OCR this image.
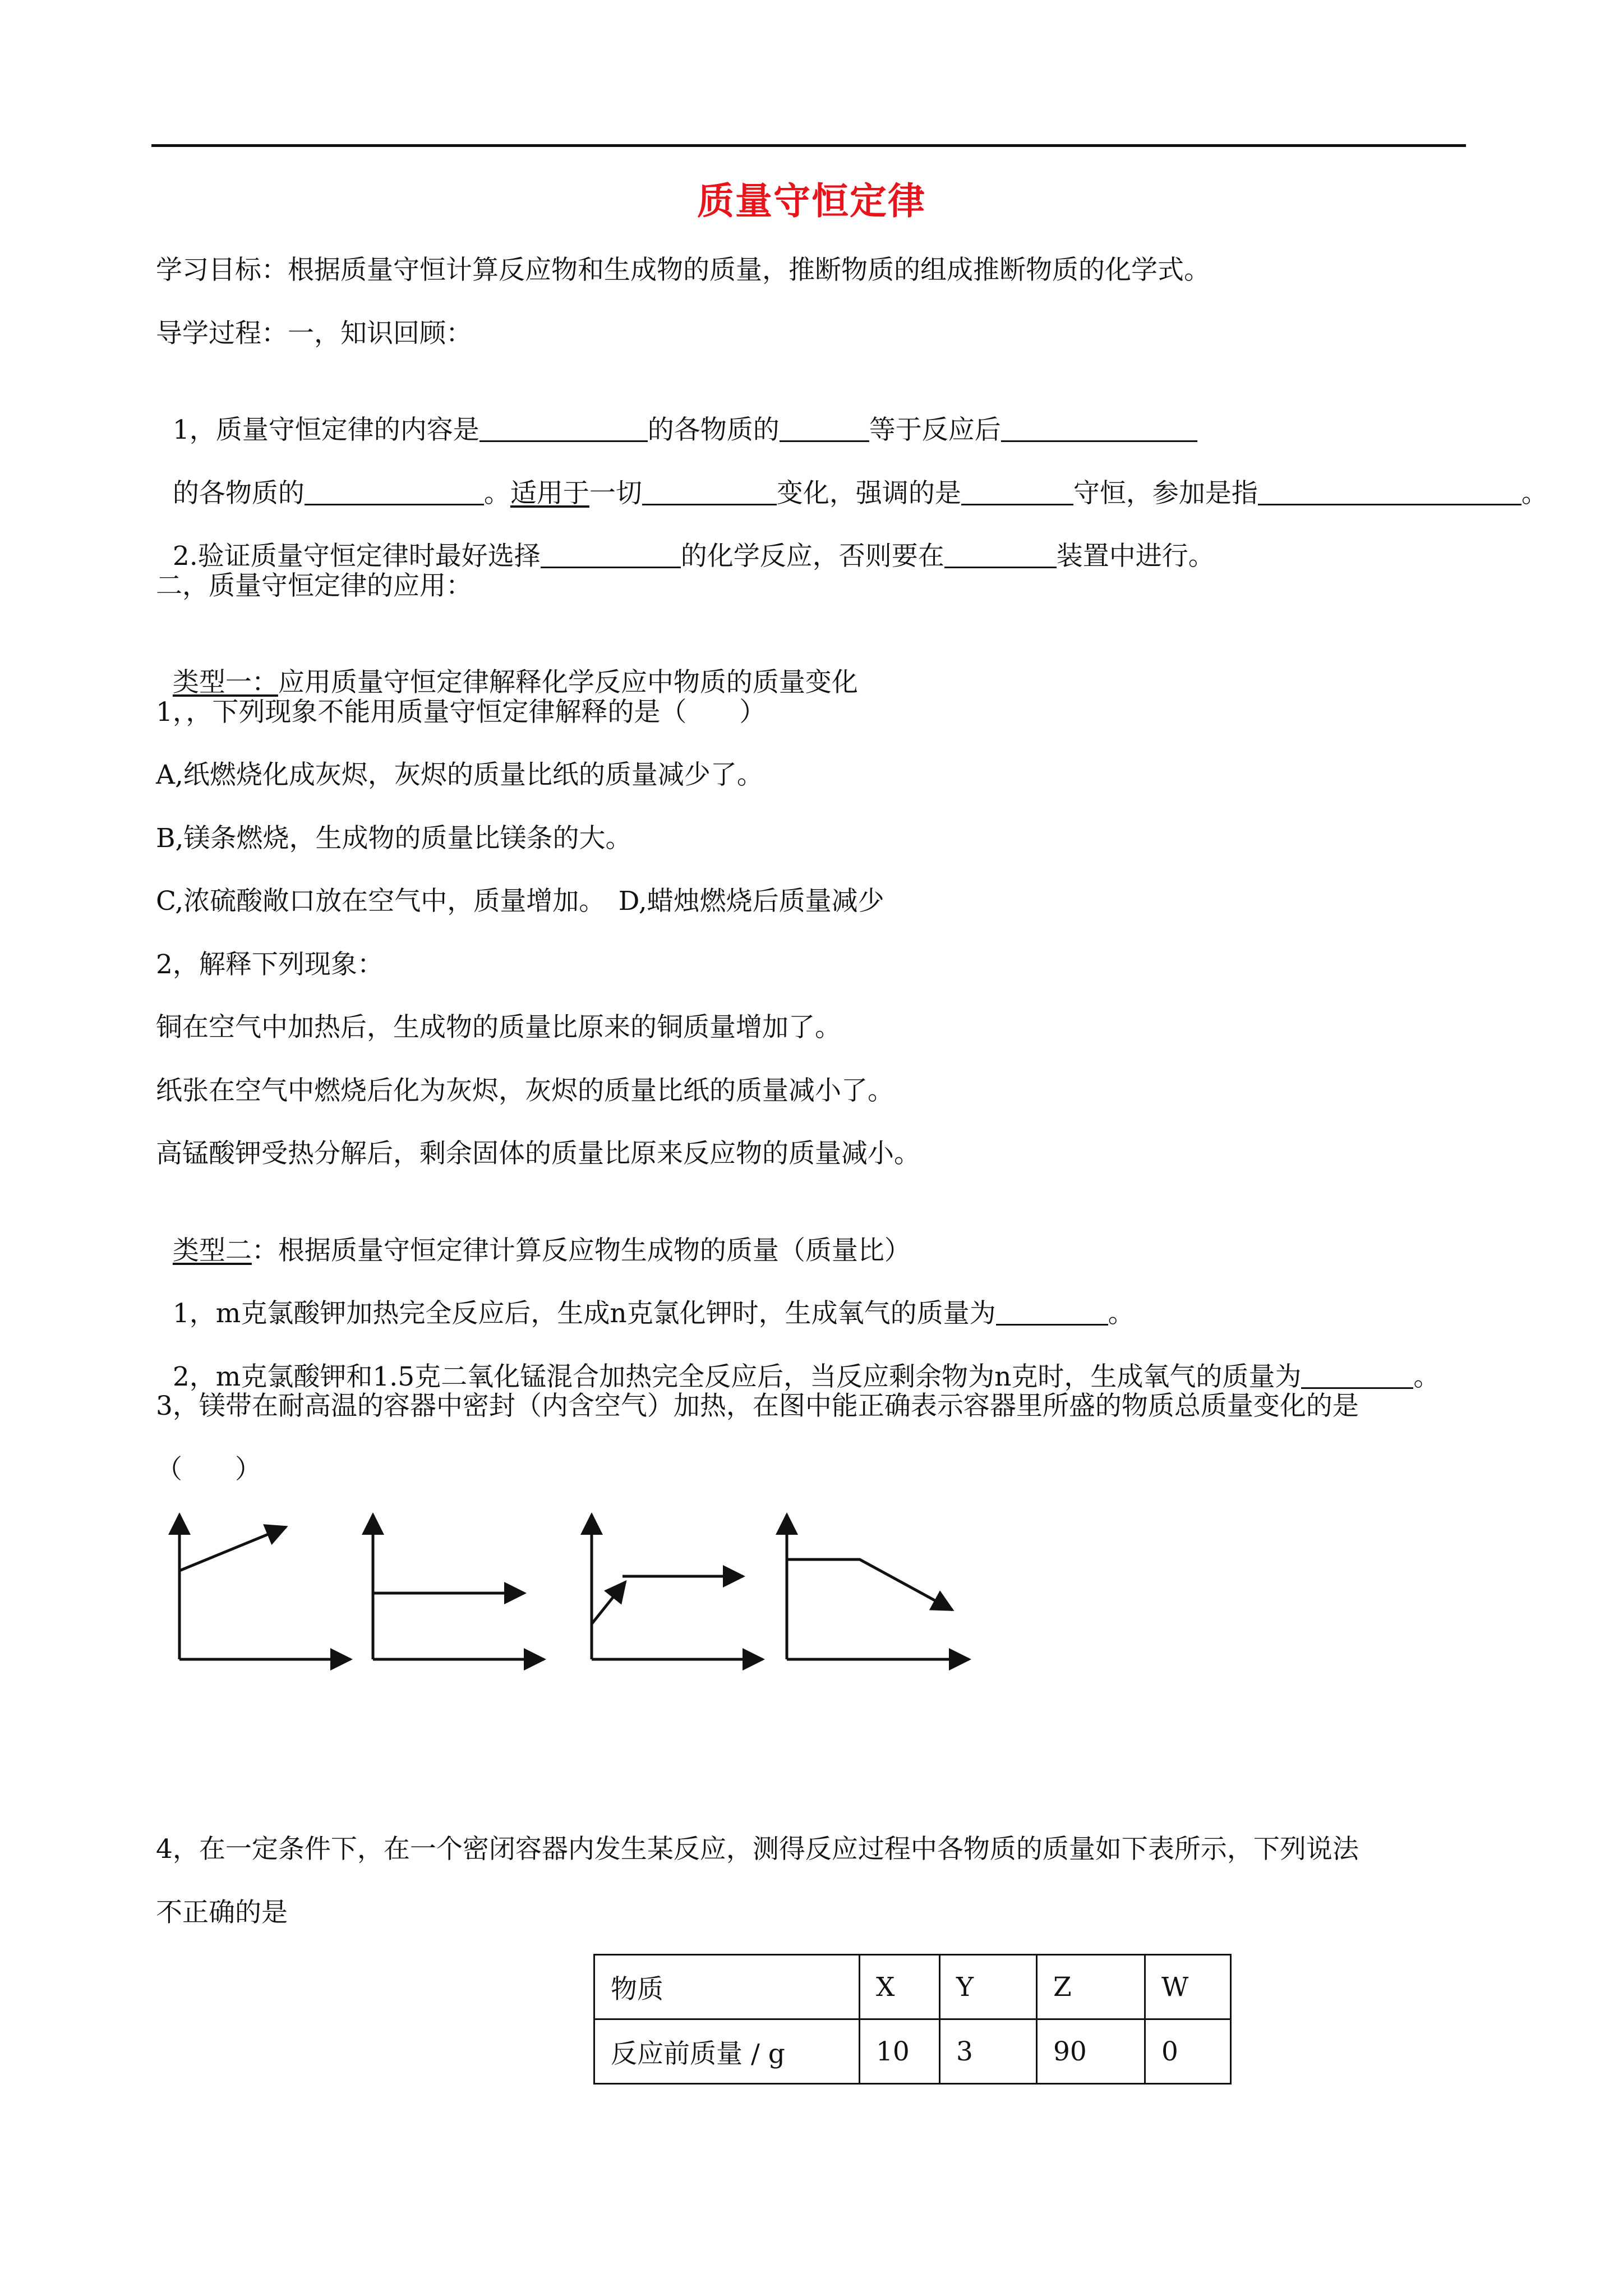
质量守恒定律
学习目标：根据质量守恒计算反应物和生成物的质量，推断物质的组成推断物质的化学式。
导学过程：一，知识回顾：

1，质量守恒定律的内容是	的各物质的	等于反应后

的各物质的	。适用于一切	变化，强调的是	守恒，参加是指	。

2.验证质量守恒定律时最好选择	的化学反应，否则要在	装置中进行。

二，质量守恒定律的应用：

类型一：应用质量守恒定律解释化学反应中物质的质量变化

1，，下列现象不能用质量守恒定律解释的是（　　）
A,纸燃烧化成灰烬，灰烬的质量比纸的质量减少了。
B,镁条燃烧，生成物的质量比镁条的大。
C,浓硫酸敞口放在空气中，质量增加。　D,蜡烛燃烧后质量减少
2，解释下列现象：
铜在空气中加热后，生成物的质量比原来的铜质量增加了。
纸张在空气中燃烧后化为灰烬，灰烬的质量比纸的质量减小了。
高锰酸钾受热分解后，剩余固体的质量比原来反应物的质量减小。

类型二：根据质量守恒定律计算反应物生成物的质量（质量比）

1，m克氯酸钾加热完全反应后，生成n克氯化钾时，生成氧气的质量为	。

2，m克氯酸钾和1.5克二氧化锰混合加热完全反应后，当反应剩余物为n克时，生成氧气的质量为	。

3，镁带在耐高温的容器中密封（内含空气）加热，在图中能正确表示容器里所盛的物质总质量变化的是
（　　）
4，在一定条件下，在一个密闭容器内发生某反应，测得反应过程中各物质的质量如下表所示，下列说法
不正确的是
物质	X	Y	Z	W
反应前质量 / g	10	3	90	0
